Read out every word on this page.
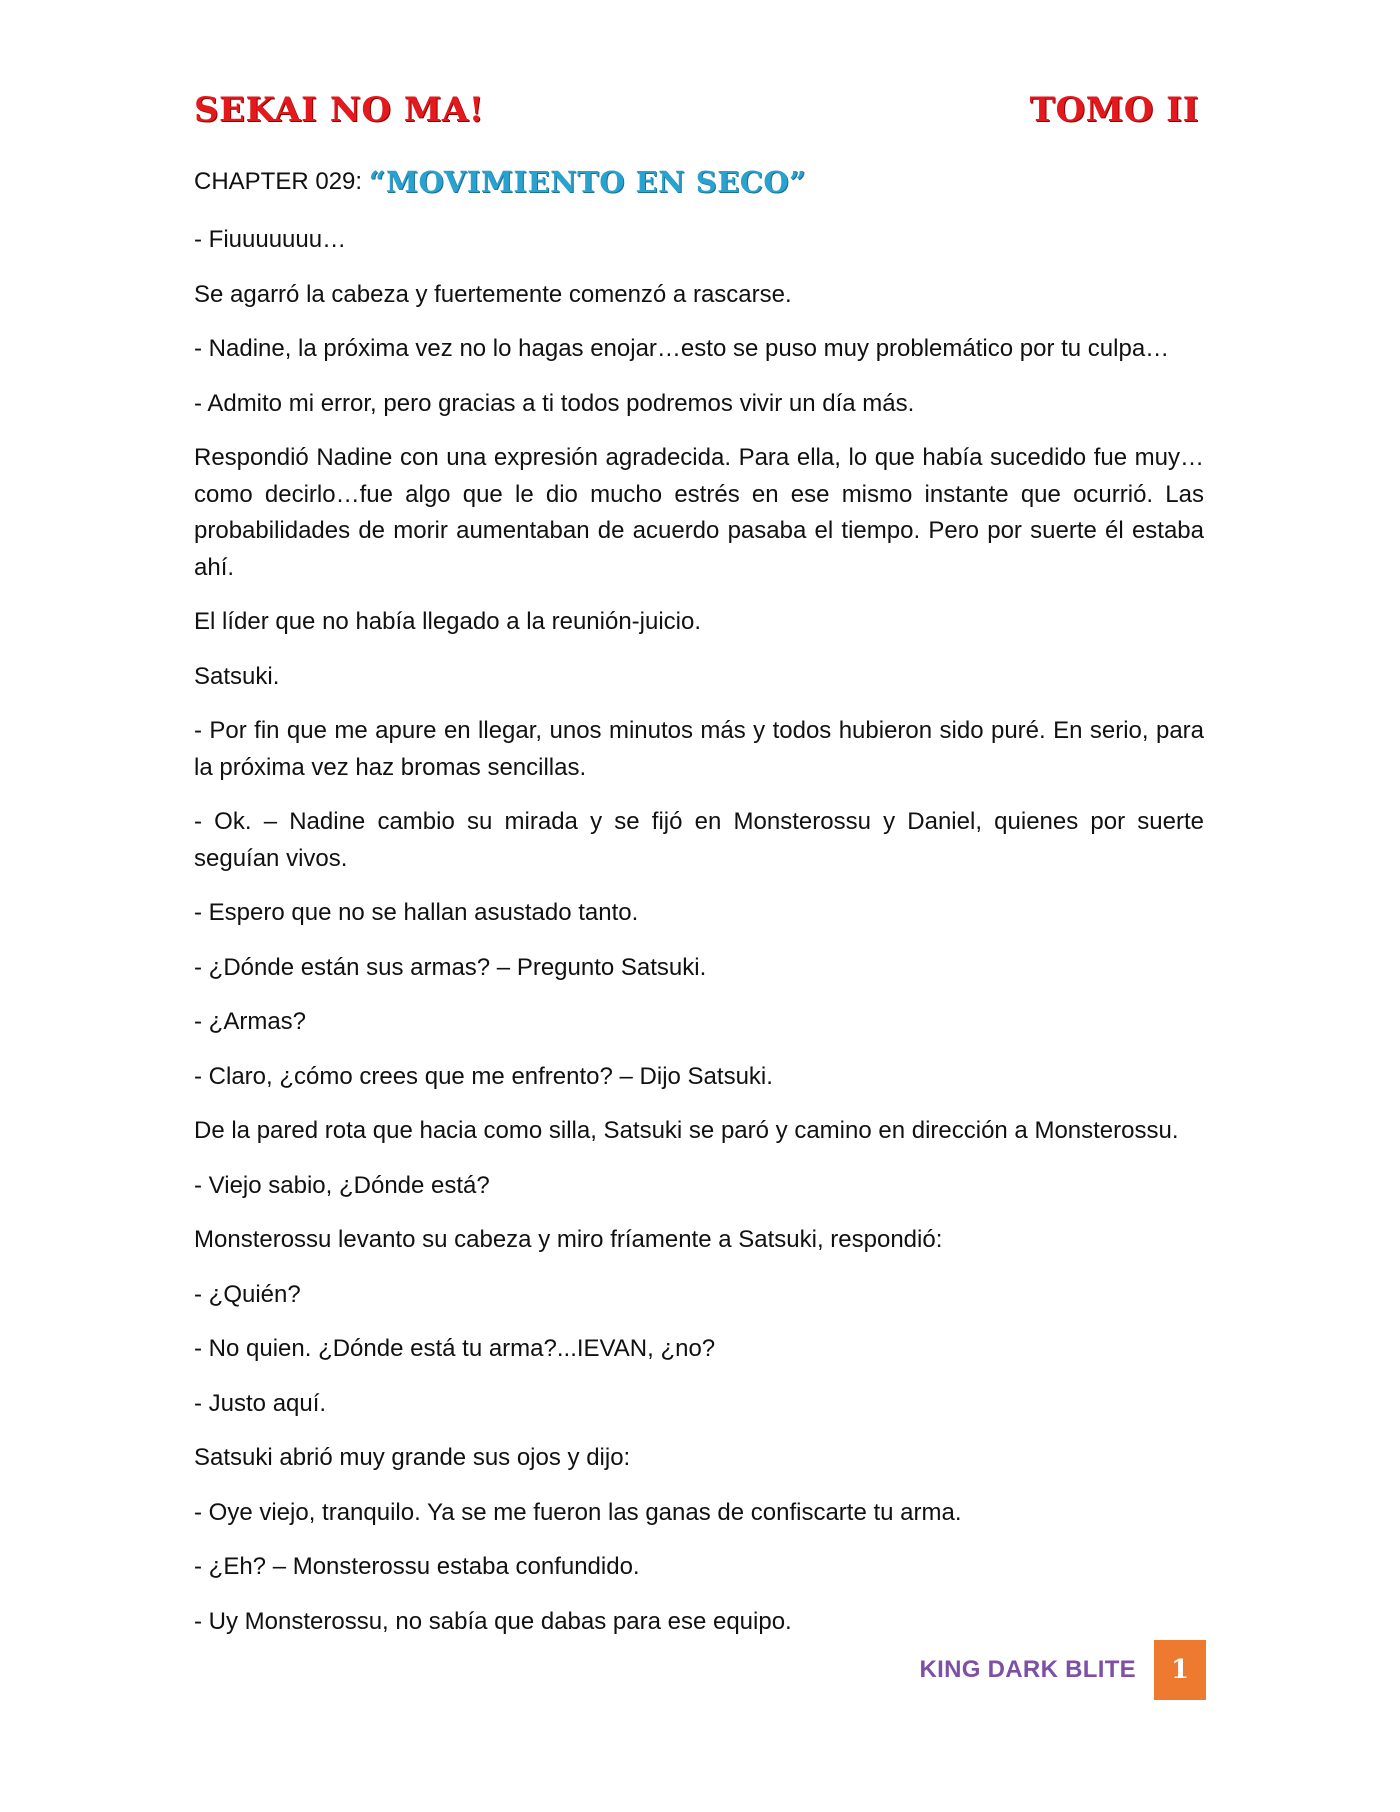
SEKAI NO MA!	TOMO II
CHAPTER 029: “MOVIMIENTO EN SECO”

- Fiuuuuuuu…

Se agarró la cabeza y fuertemente comenzó a rascarse.

- Nadine, la próxima vez no lo hagas enojar…esto se puso muy problemático por tu culpa…

- Admito mi error, pero gracias a ti todos podremos vivir un día más.

Respondió Nadine con una expresión agradecida. Para ella, lo que había sucedido fue muy…como decirlo…fue algo que le dio mucho estrés en ese mismo instante que ocurrió. Las probabilidades de morir aumentaban de acuerdo pasaba el tiempo. Pero por suerte él estaba ahí.

El líder que no había llegado a la reunión-juicio.

Satsuki.

- Por fin que me apure en llegar, unos minutos más y todos hubieron sido puré. En serio, para la próxima vez haz bromas sencillas.

- Ok. – Nadine cambio su mirada y se fijó en Monsterossu y Daniel, quienes por suerte seguían vivos.

- Espero que no se hallan asustado tanto.

- ¿Dónde están sus armas? – Pregunto Satsuki.

- ¿Armas?

- Claro, ¿cómo crees que me enfrento? – Dijo Satsuki.

De la pared rota que hacia como silla, Satsuki se paró y camino en dirección a Monsterossu.

- Viejo sabio, ¿Dónde está?

Monsterossu levanto su cabeza y miro fríamente a Satsuki, respondió:

- ¿Quién?

- No quien. ¿Dónde está tu arma?...IEVAN, ¿no?

- Justo aquí.

Satsuki abrió muy grande sus ojos y dijo:

- Oye viejo, tranquilo. Ya se me fueron las ganas de confiscarte tu arma.

- ¿Eh? – Monsterossu estaba confundido.

- Uy Monsterossu, no sabía que dabas para ese equipo.

KING DARK BLITE 1
